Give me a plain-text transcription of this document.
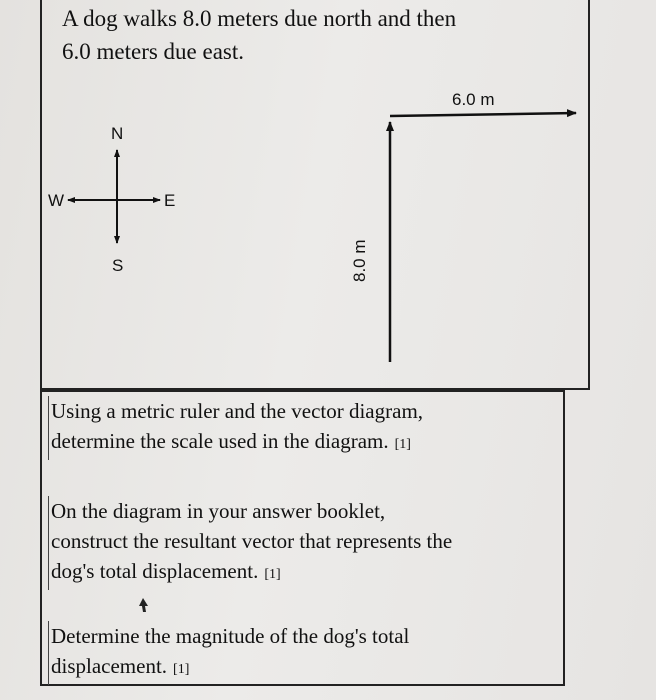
A dog walks 8.0 meters due north and then
6.0 meters due east.
N
S
E
W
8.0 m
6.0 m
Using a metric ruler and the vector diagram,
determine the scale used in the diagram. [1]
On the diagram in your answer booklet,
construct the resultant vector that represents the
dog's total displacement. [1]
Determine the magnitude of the dog's total
displacement. [1]
